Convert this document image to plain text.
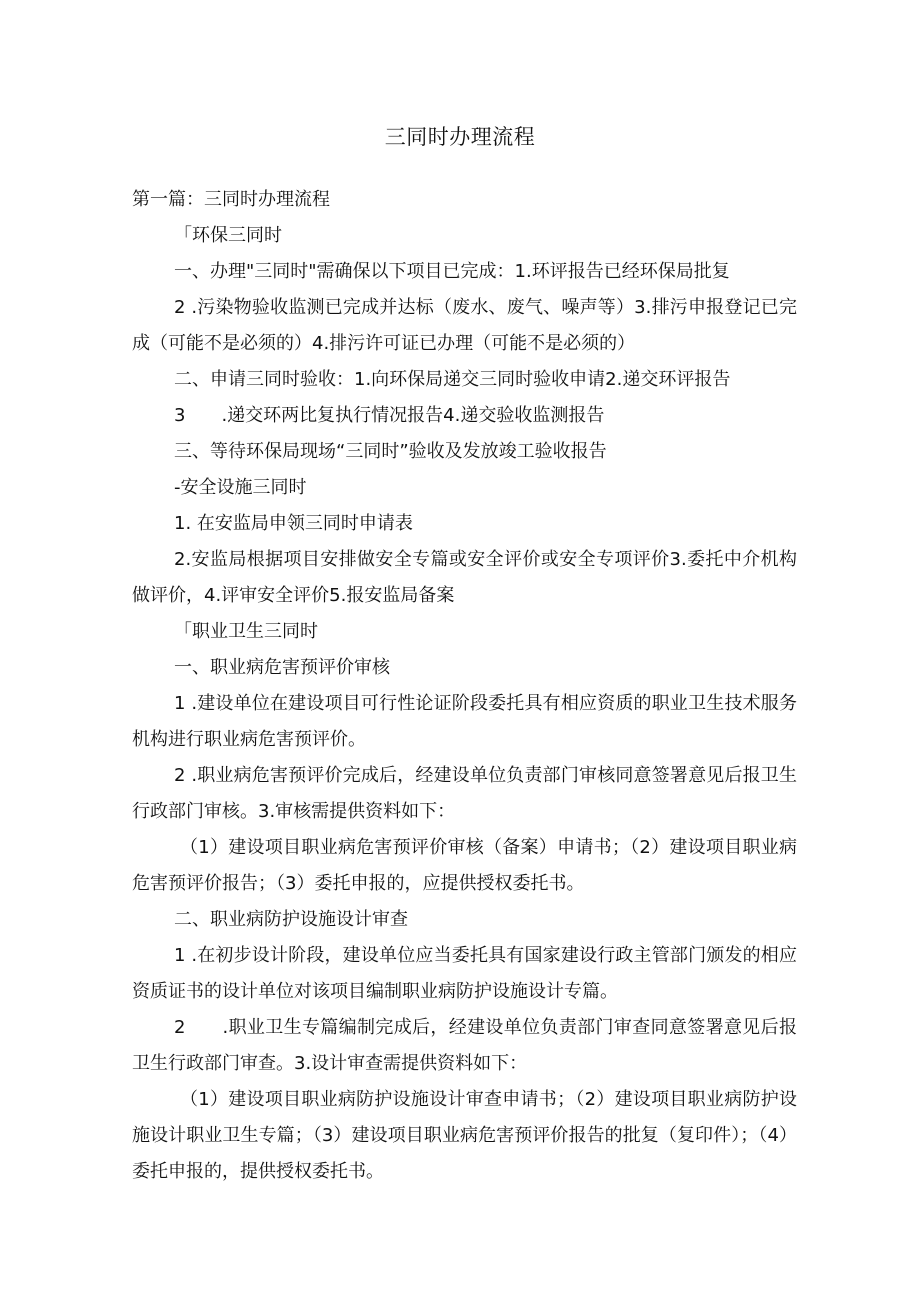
三同时办理流程

第一篇：三同时办理流程

「环保三同时

一、办理"三同时"需确保以下项目已完成：1.环评报告已经环保局批复

2 .污染物验收监测已完成并达标（废水、废气、噪声等）3.排污申报登记已完成（可能不是必须的）4.排污许可证已办理（可能不是必须的）

二、申请三同时验收：1.向环保局递交三同时验收申请2.递交环评报告

3　　.递交环两比复执行情况报告4.递交验收监测报告

三、等待环保局现场“三同时”验收及发放竣工验收报告

-安全设施三同时

1. 在安监局申领三同时申请表

2.安监局根据项目安排做安全专篇或安全评价或安全专项评价3.委托中介机构做评价，4.评审安全评价5.报安监局备案

「职业卫生三同时

一、职业病危害预评价审核

1 .建设单位在建设项目可行性论证阶段委托具有相应资质的职业卫生技术服务机构进行职业病危害预评价。

2 .职业病危害预评价完成后，经建设单位负责部门审核同意签署意见后报卫生行政部门审核。3.审核需提供资料如下：

（1）建设项目职业病危害预评价审核（备案）申请书；（2）建设项目职业病危害预评价报告；（3）委托申报的，应提供授权委托书。

二、职业病防护设施设计审查

1 .在初步设计阶段，建设单位应当委托具有国家建设行政主管部门颁发的相应资质证书的设计单位对该项目编制职业病防护设施设计专篇。

2　　.职业卫生专篇编制完成后，经建设单位负责部门审查同意签署意见后报卫生行政部门审查。3.设计审查需提供资料如下：

（1）建设项目职业病防护设施设计审查申请书；（2）建设项目职业病防护设施设计职业卫生专篇；（3）建设项目职业病危害预评价报告的批复（复印件）；（4）委托申报的，提供授权委托书。
